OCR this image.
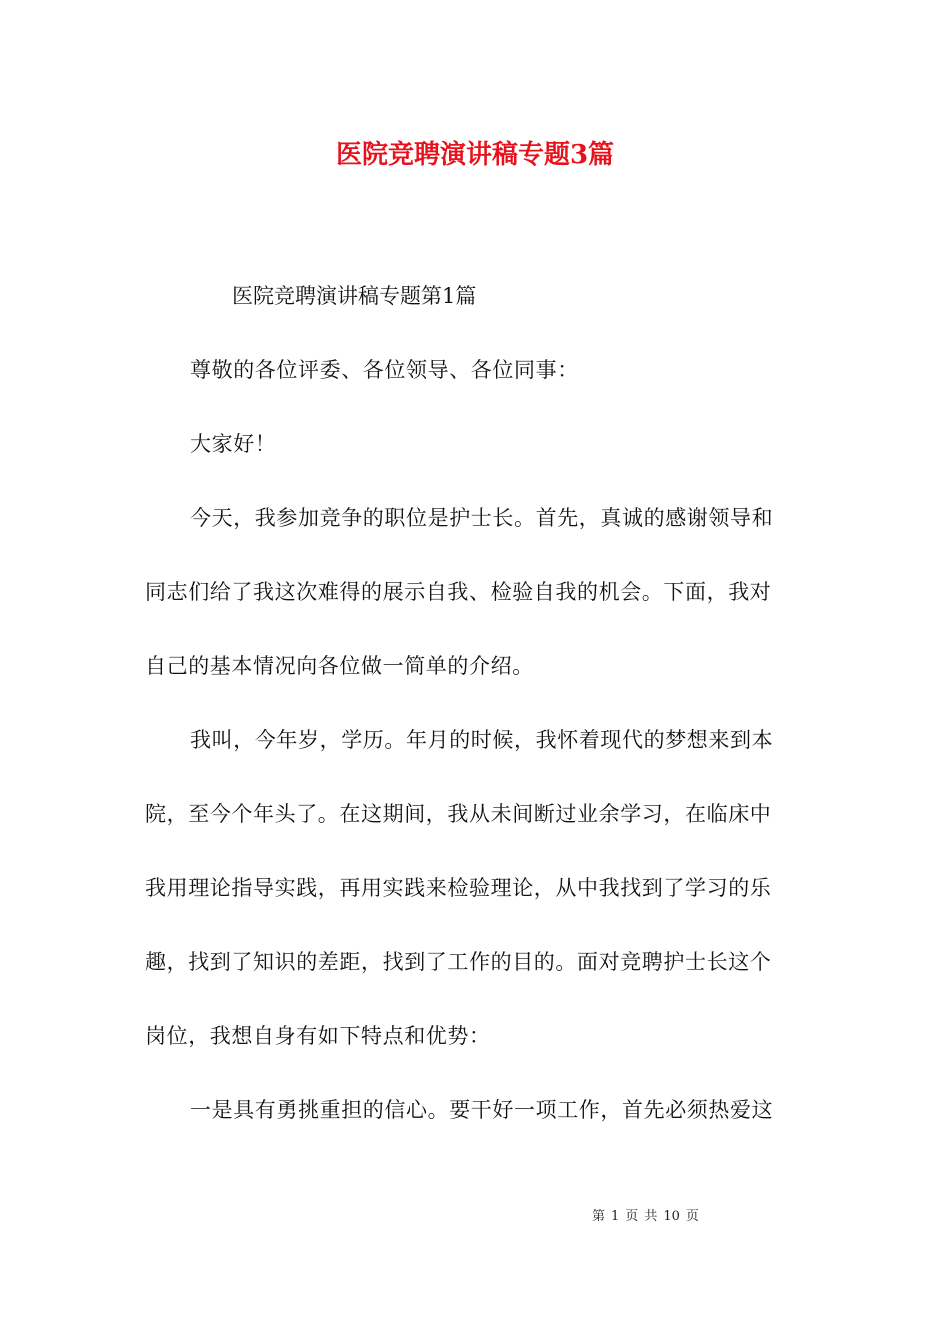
医院竞聘演讲稿专题3篇
医院竞聘演讲稿专题第1篇
尊敬的各位评委、各位领导、各位同事：
大家好！
今天，我参加竞争的职位是护士长。首先，真诚的感谢领导和
同志们给了我这次难得的展示自我、检验自我的机会。下面，我对
自己的基本情况向各位做一简单的介绍。
我叫，今年岁，学历。年月的时候，我怀着现代的梦想来到本
院，至今个年头了。在这期间，我从未间断过业余学习，在临床中
我用理论指导实践，再用实践来检验理论，从中我找到了学习的乐
趣，找到了知识的差距，找到了工作的目的。面对竞聘护士长这个
岗位，我想自身有如下特点和优势：
一是具有勇挑重担的信心。要干好一项工作，首先必须热爱这
第 1 页 共 10 页
